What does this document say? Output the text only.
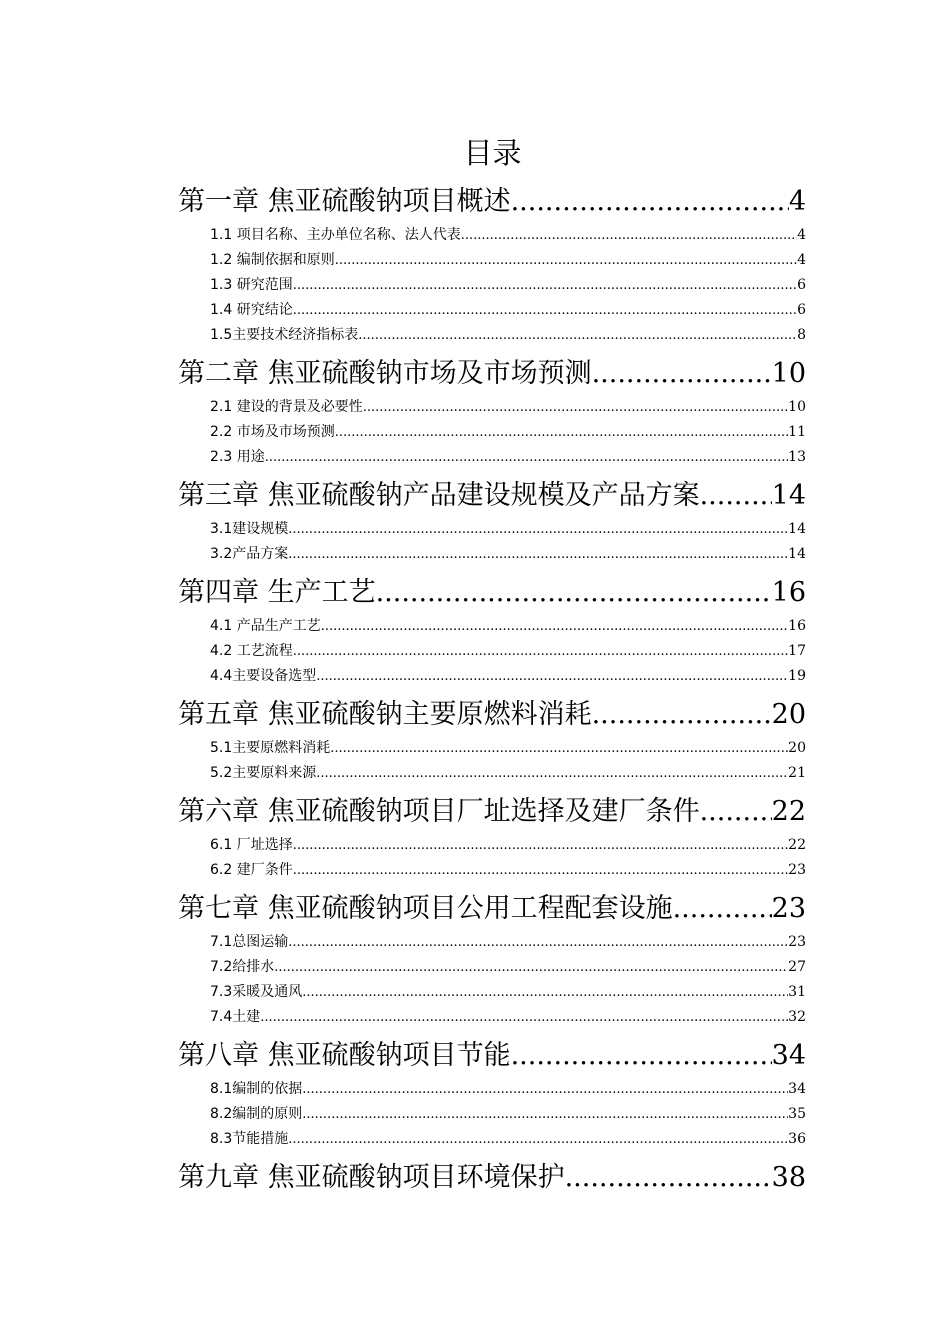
目录
第一章 焦亚硫酸钠项目概述 .....	4
1.1 项目名称、主办单位名称、法人代表 .....	4
1.2 编制依据和原则 .....	4
1.3 研究范围 .....	6
1.4 研究结论 .....	6
1.5主要技术经济指标表 .....	8
第二章 焦亚硫酸钠市场及市场预测 .....	10
2.1 建设的背景及必要性 .....	10
2.2 市场及市场预测 .....	11
2.3 用途 .....	13
第三章 焦亚硫酸钠产品建设规模及产品方案 .....	14
3.1建设规模 .....	14
3.2产品方案 .....	14
第四章 生产工艺 .....	16
4.1 产品生产工艺 .....	16
4.2 工艺流程 .....	17
4.4主要设备选型 .....	19
第五章 焦亚硫酸钠主要原燃料消耗 .....	20
5.1主要原燃料消耗 .....	20
5.2主要原料来源 .....	21
第六章 焦亚硫酸钠项目厂址选择及建厂条件 .....	22
6.1 厂址选择 .....	22
6.2 建厂条件 .....	23
第七章 焦亚硫酸钠项目公用工程配套设施 .....	23
7.1总图运输 .....	23
7.2给排水 .....	27
7.3采暖及通风 .....	31
7.4土建 .....	32
第八章 焦亚硫酸钠项目节能 .....	34
8.1编制的依据 .....	34
8.2编制的原则 .....	35
8.3节能措施 .....	36
第九章 焦亚硫酸钠项目环境保护 .....	38
